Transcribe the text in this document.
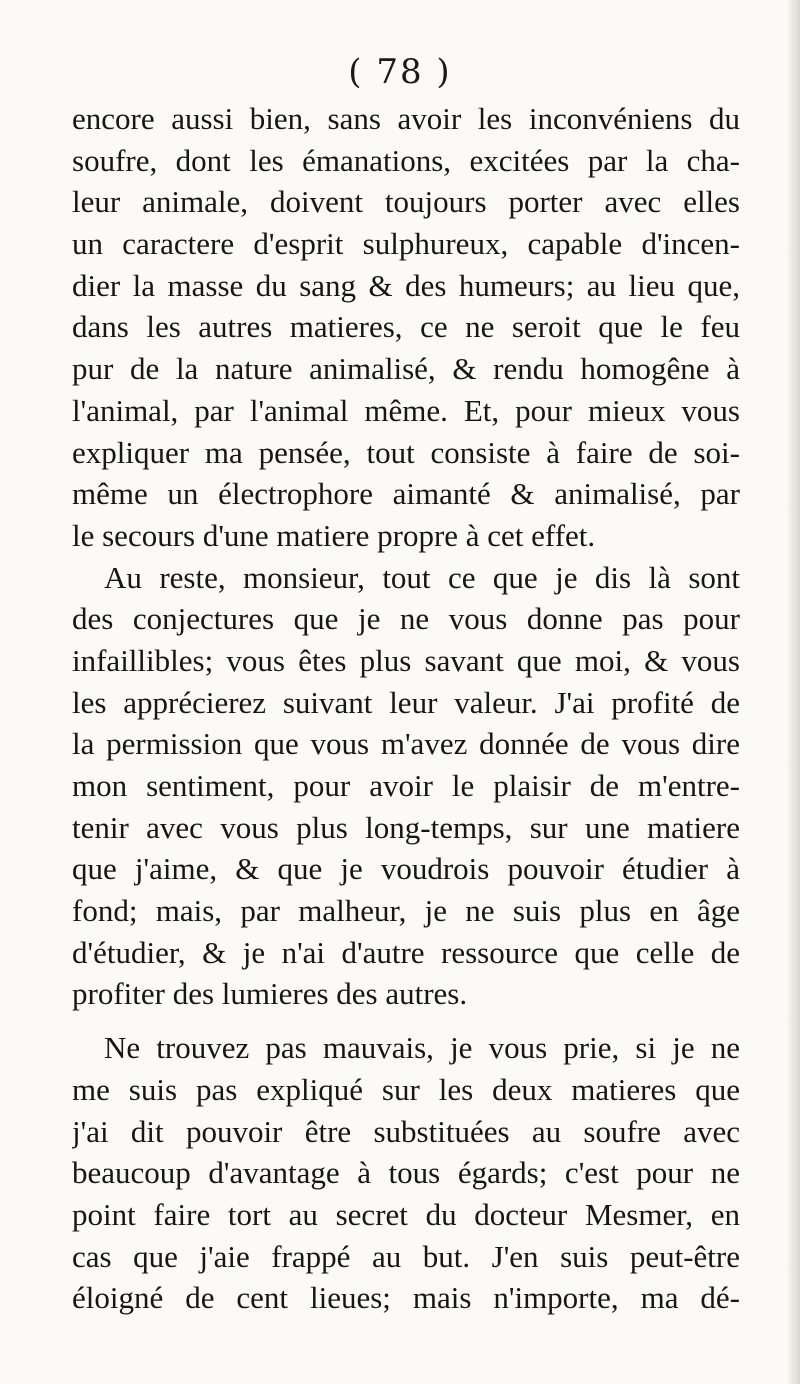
( 78 )
encore aussi bien, sans avoir les inconvéniens du
soufre, dont les émanations, excitées par la cha-
leur animale, doivent toujours porter avec elles
un caractere d'esprit sulphureux, capable d'incen-
dier la masse du sang & des humeurs; au lieu que,
dans les autres matieres, ce ne seroit que le feu
pur de la nature animalisé, & rendu homogêne à
l'animal, par l'animal même. Et, pour mieux vous
expliquer ma pensée, tout consiste à faire de soi-
même un électrophore aimanté & animalisé, par
le secours d'une matiere propre à cet effet.
Au reste, monsieur, tout ce que je dis là sont
des conjectures que je ne vous donne pas pour
infaillibles; vous êtes plus savant que moi, & vous
les apprécierez suivant leur valeur. J'ai profité de
la permission que vous m'avez donnée de vous dire
mon sentiment, pour avoir le plaisir de m'entre-
tenir avec vous plus long-temps, sur une matiere
que j'aime, & que je voudrois pouvoir étudier à
fond; mais, par malheur, je ne suis plus en âge
d'étudier, & je n'ai d'autre ressource que celle de
profiter des lumieres des autres.
Ne trouvez pas mauvais, je vous prie, si je ne
me suis pas expliqué sur les deux matieres que
j'ai dit pouvoir être substituées au soufre avec
beaucoup d'avantage à tous égards; c'est pour ne
point faire tort au secret du docteur Mesmer, en
cas que j'aie frappé au but. J'en suis peut-être
éloigné de cent lieues; mais n'importe, ma dé-
